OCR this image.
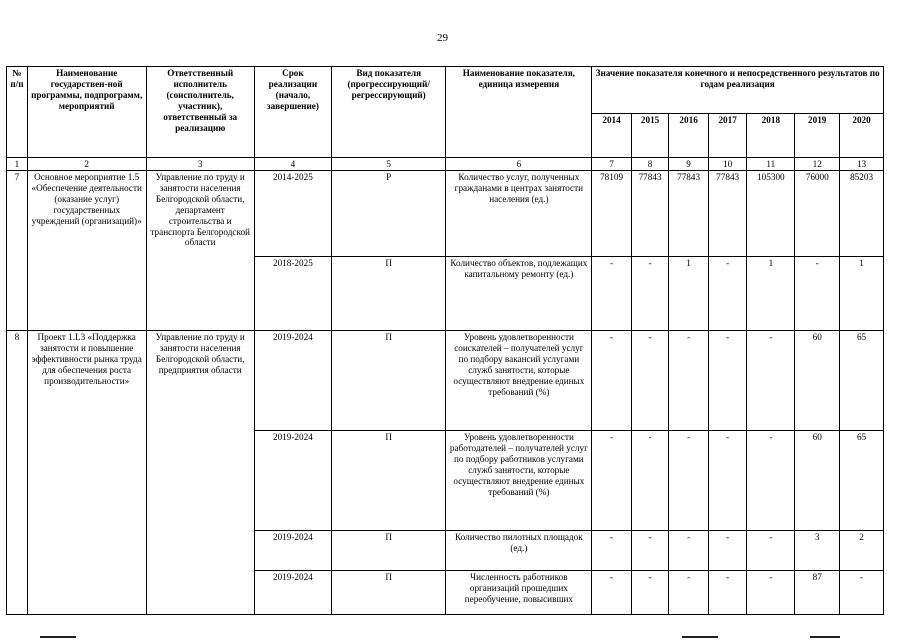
29
№ п/п	Наименование государствен-ной программы, подпрограмм, мероприятий	Ответственный исполнитель (соисполнитель, участник), ответственный за реализацию	Срок реализации (начало, завершение)	Вид показателя (прогрессирующий/ регрессирующий)	Наименование показателя, единица измерения	Значение показателя конечного и непосредственного результатов по годам реализация						
						2014	2015	2016	2017	2018	2019	2020
1	2	3	4	5	6	7	8	9	10	11	12	13
7	Основное мероприятие 1.5 «Обеспечение деятельности (оказание услуг) государственных учреждений (организаций)»	Управление по труду и занятости населения Белгородской области, департамент строительства и транспорта Белгородской области	2014-2025	Р	Количество услуг, полученных гражданами в центрах занятости населения (ед.)	78109	77843	77843	77843	105300	76000	85203
			2018-2025	П	Количество объектов, подлежащих капитальному ремонту (ед.)	-	-	1	-	1	-	1
8	Проект 1.L3 «Поддержка занятости и повышение эффективности рынка труда для обеспечения роста производительности»	Управление по труду и занятости населения Белгородской области, предприятия области	2019-2024	П	Уровень удовлетворенности соискателей – получателей услуг по подбору вакансий услугами служб занятости, которые осуществляют внедрение единых требований (%)	-	-	-	-	-	60	65
			2019-2024	П	Уровень удовлетворенности работодателей – получателей услуг по подбору работников услугами служб занятости, которые осуществляют внедрение единых требований (%)	-	-	-	-	-	60	65
			2019-2024	П	Количество пилотных площадок (ед.)	-	-	-	-	-	3	2
			2019-2024	П	Численность работников организаций прошедших переобучение, повысивших	-	-	-	-	-	87	-
